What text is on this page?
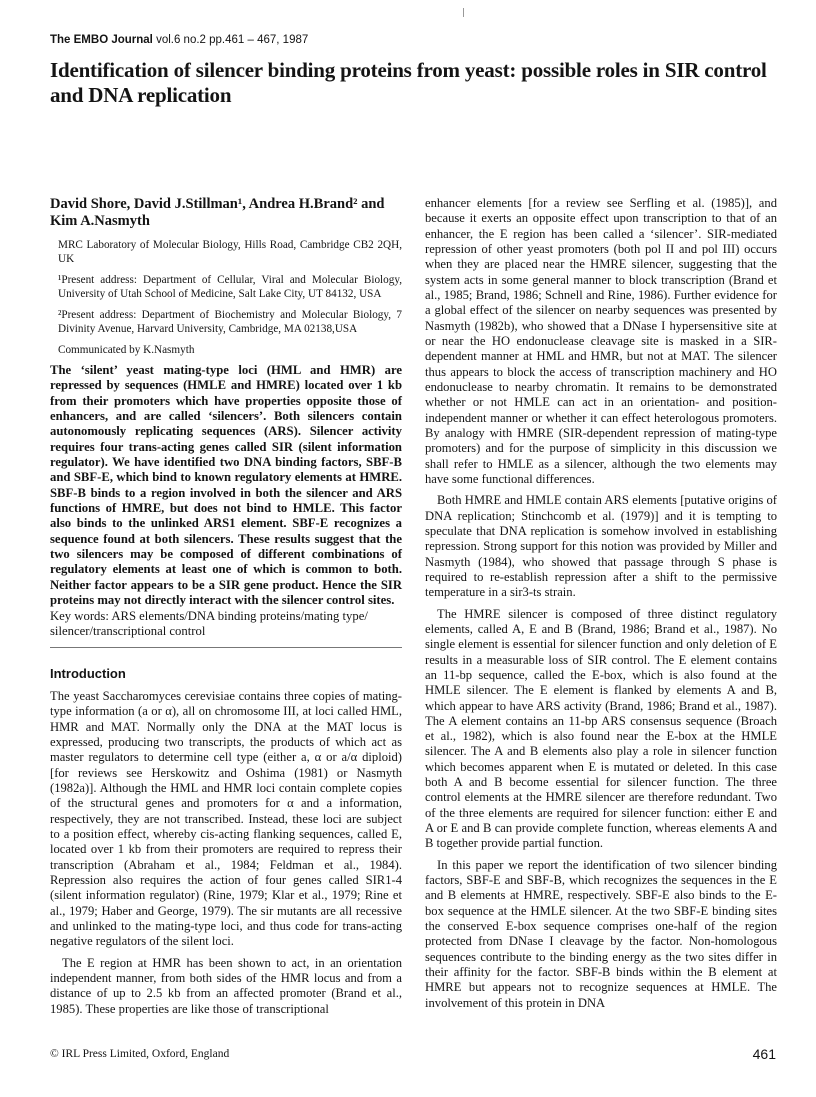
The EMBO Journal vol.6 no.2 pp.461 – 467, 1987
Identification of silencer binding proteins from yeast: possible roles in SIR control and DNA replication

David Shore, David J.Stillman¹, Andrea H.Brand² and Kim A.Nasmyth

MRC Laboratory of Molecular Biology, Hills Road, Cambridge CB2 2QH, UK

¹Present address: Department of Cellular, Viral and Molecular Biology, University of Utah School of Medicine, Salt Lake City, UT 84132, USA

²Present address: Department of Biochemistry and Molecular Biology, 7 Divinity Avenue, Harvard University, Cambridge, MA 02138,USA

Communicated by K.Nasmyth

The ‘silent’ yeast mating-type loci (HML and HMR) are repressed by sequences (HMLE and HMRE) located over 1 kb from their promoters which have properties opposite those of enhancers, and are called ‘silencers’. Both silencers contain autonomously replicating sequences (ARS). Silencer activity requires four trans-acting genes called SIR (silent information regulator). We have identified two DNA binding factors, SBF-B and SBF-E, which bind to known regulatory elements at HMRE. SBF-B binds to a region involved in both the silencer and ARS functions of HMRE, but does not bind to HMLE. This factor also binds to the unlinked ARS1 element. SBF-E recognizes a sequence found at both silencers. These results suggest that the two silencers may be composed of different combinations of regulatory elements at least one of which is common to both. Neither factor appears to be a SIR gene product. Hence the SIR proteins may not directly interact with the silencer control sites.

Key words: ARS elements/DNA binding proteins/mating type/ silencer/transcriptional control

Introduction

The yeast Saccharomyces cerevisiae contains three copies of mating-type information (a or α), all on chromosome III, at loci called HML, HMR and MAT. Normally only the DNA at the MAT locus is expressed, producing two transcripts, the products of which act as master regulators to determine cell type (either a, α or a/α diploid) [for reviews see Herskowitz and Oshima (1981) or Nasmyth (1982a)]. Although the HML and HMR loci contain complete copies of the structural genes and promoters for α and a information, respectively, they are not transcribed. Instead, these loci are subject to a position effect, whereby cis-acting flanking sequences, called E, located over 1 kb from their promoters are required to repress their transcription (Abraham et al., 1984; Feldman et al., 1984). Repression also requires the action of four genes called SIR1-4 (silent information regulator) (Rine, 1979; Klar et al., 1979; Rine et al., 1979; Haber and George, 1979). The sir mutants are all recessive and unlinked to the mating-type loci, and thus code for trans-acting negative regulators of the silent loci.

The E region at HMR has been shown to act, in an orientation independent manner, from both sides of the HMR locus and from a distance of up to 2.5 kb from an affected promoter (Brand et al., 1985). These properties are like those of transcriptional

enhancer elements [for a review see Serfling et al. (1985)], and because it exerts an opposite effect upon transcription to that of an enhancer, the E region has been called a ‘silencer’. SIR-mediated repression of other yeast promoters (both pol II and pol III) occurs when they are placed near the HMRE silencer, suggesting that the system acts in some general manner to block transcription (Brand et al., 1985; Brand, 1986; Schnell and Rine, 1986). Further evidence for a global effect of the silencer on nearby sequences was presented by Nasmyth (1982b), who showed that a DNase I hypersensitive site at or near the HO endonuclease cleavage site is masked in a SIR-dependent manner at HML and HMR, but not at MAT. The silencer thus appears to block the access of transcription machinery and HO endonuclease to nearby chromatin. It remains to be demonstrated whether or not HMLE can act in an orientation- and position-independent manner or whether it can effect heterologous promoters. By analogy with HMRE (SIR-dependent repression of mating-type promoters) and for the purpose of simplicity in this discussion we shall refer to HMLE as a silencer, although the two elements may have some functional differences.

Both HMRE and HMLE contain ARS elements [putative origins of DNA replication; Stinchcomb et al. (1979)] and it is tempting to speculate that DNA replication is somehow involved in establishing repression. Strong support for this notion was provided by Miller and Nasmyth (1984), who showed that passage through S phase is required to re-establish repression after a shift to the permissive temperature in a sir3-ts strain.

The HMRE silencer is composed of three distinct regulatory elements, called A, E and B (Brand, 1986; Brand et al., 1987). No single element is essential for silencer function and only deletion of E results in a measurable loss of SIR control. The E element contains an 11-bp sequence, called the E-box, which is also found at the HMLE silencer. The E element is flanked by elements A and B, which appear to have ARS activity (Brand, 1986; Brand et al., 1987). The A element contains an 11-bp ARS consensus sequence (Broach et al., 1982), which is also found near the E-box at the HMLE silencer. The A and B elements also play a role in silencer function which becomes apparent when E is mutated or deleted. In this case both A and B become essential for silencer function. The three control elements at the HMRE silencer are therefore redundant. Two of the three elements are required for silencer function: either E and A or E and B can provide complete function, whereas elements A and B together provide partial function.

In this paper we report the identification of two silencer binding factors, SBF-E and SBF-B, which recognizes the sequences in the E and B elements at HMRE, respectively. SBF-E also binds to the E-box sequence at the HMLE silencer. At the two SBF-E binding sites the conserved E-box sequence comprises one-half of the region protected from DNase I cleavage by the factor. Non-homologous sequences contribute to the binding energy as the two sites differ in their affinity for the factor. SBF-B binds within the B element at HMRE but appears not to recognize sequences at HMLE. The involvement of this protein in DNA

© IRL Press Limited, Oxford, England	461
